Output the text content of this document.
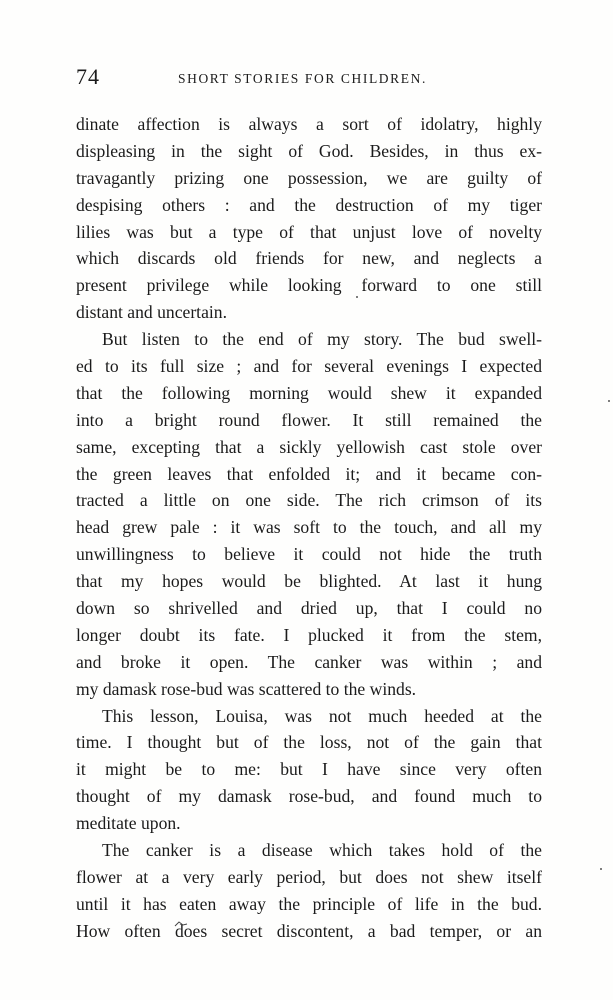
74	SHORT STORIES FOR CHILDREN.
dinate affection is always a sort of idolatry, highly
displeasing in the sight of God. Besides, in thus ex-
travagantly prizing one possession, we are guilty of
despising others : and the destruction of my tiger
lilies was but a type of that unjust love of novelty
which discards old friends for new, and neglects a
present privilege while looking forward to one still
distant and uncertain.
But listen to the end of my story. The bud swell-
ed to its full size ; and for several evenings I expected
that the following morning would shew it expanded
into a bright round flower. It still remained the
same, excepting that a sickly yellowish cast stole over
the green leaves that enfolded it; and it became con-
tracted a little on one side. The rich crimson of its
head grew pale : it was soft to the touch, and all my
unwillingness to believe it could not hide the truth
that my hopes would be blighted. At last it hung
down so shrivelled and dried up, that I could no
longer doubt its fate. I plucked it from the stem,
and broke it open. The canker was within ; and
my damask rose-bud was scattered to the winds.
This lesson, Louisa, was not much heeded at the
time. I thought but of the loss, not of the gain that
it might be to me: but I have since very often
thought of my damask rose-bud, and found much to
meditate upon.
The canker is a disease which takes hold of the
flower at a very early period, but does not shew itself
until it has eaten away the principle of life in the bud.
How often does secret discontent, a bad temper, or an
